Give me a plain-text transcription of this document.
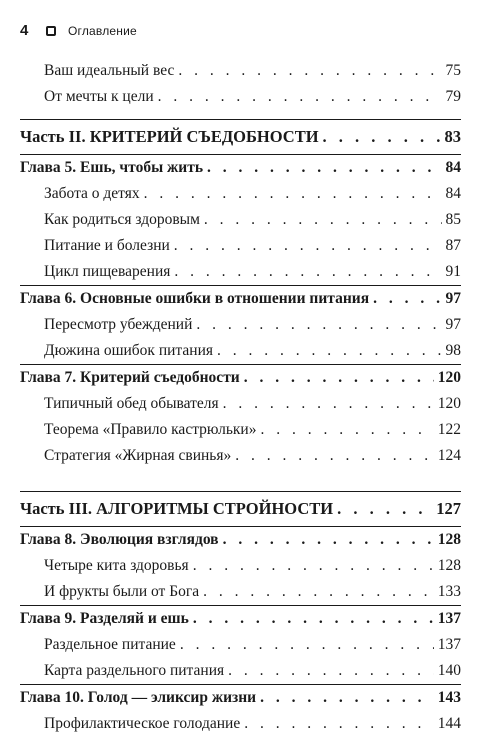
4	Оглавление
Ваш идеальный вес . . .	75
От мечты к цели . . .	79
Часть II. КРИТЕРИЙ СЪЕДОБНОСТИ . . .	83
Глава 5. Ешь, чтобы жить . . .	84
Забота о детях . . .	84
Как родиться здоровым . . .	85
Питание и болезни . . .	87
Цикл пищеварения . . .	91
Глава 6. Основные ошибки в отношении питания . . .	97
Пересмотр убеждений . . .	97
Дюжина ошибок питания . . .	98
Глава 7. Критерий съедобности . . .	120
Типичный обед обывателя . . .	120
Теорема «Правило кастрюльки» . . .	122
Стратегия «Жирная свинья» . . .	124
Часть III. АЛГОРИТМЫ СТРОЙНОСТИ . . .	127
Глава 8. Эволюция взглядов . . .	128
Четыре кита здоровья . . .	128
И фрукты были от Бога . . .	133
Глава 9. Разделяй и ешь . . .	137
Раздельное питание . . .	137
Карта раздельного питания . . .	140
Глава 10. Голод — эликсир жизни . . .	143
Профилактическое голодание . . .	144
